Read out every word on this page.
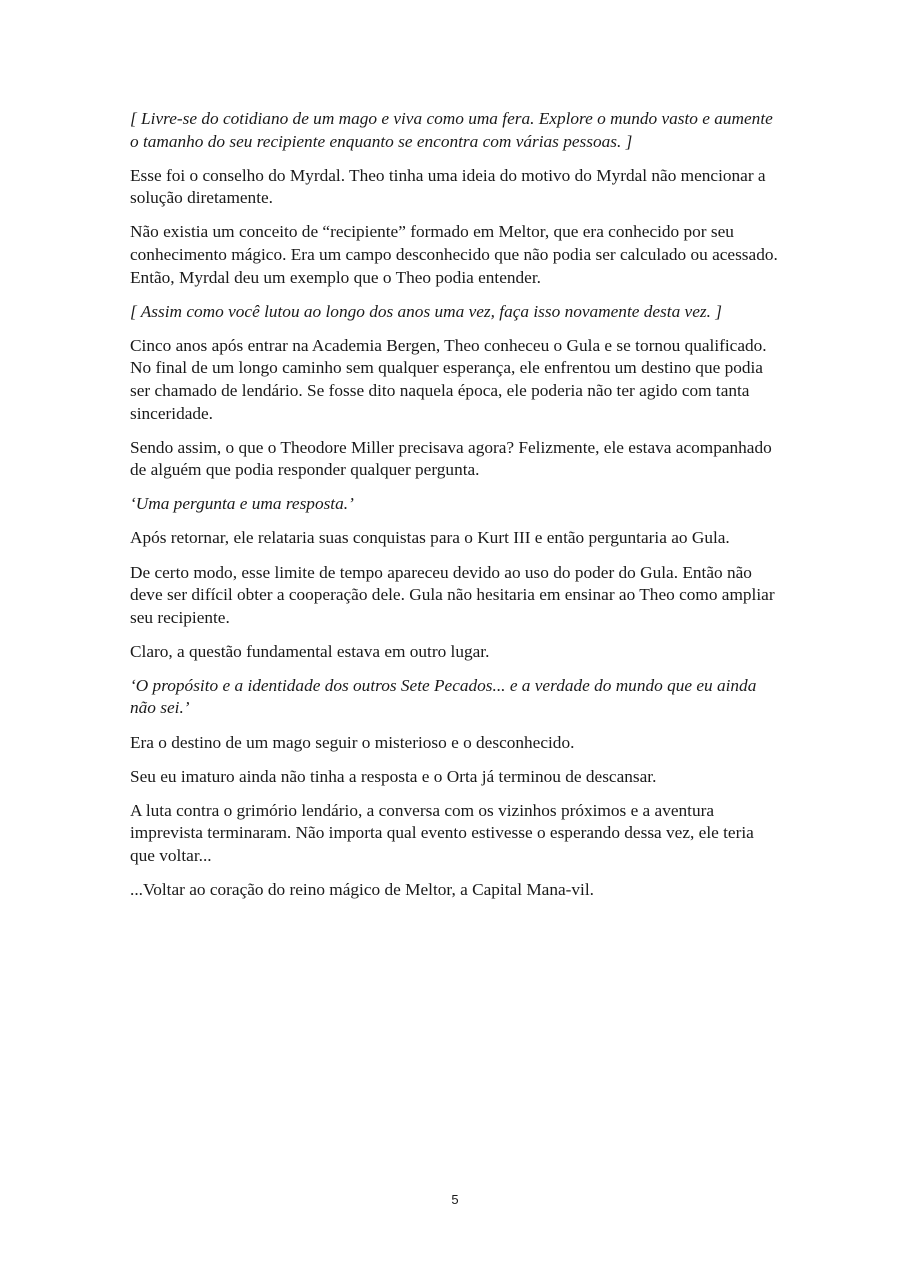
[ Livre-se do cotidiano de um mago e viva como uma fera. Explore o mundo vasto e aumente o tamanho do seu recipiente enquanto se encontra com várias pessoas. ]

Esse foi o conselho do Myrdal. Theo tinha uma ideia do motivo do Myrdal não mencionar a solução diretamente.

Não existia um conceito de “recipiente” formado em Meltor, que era conhecido por seu conhecimento mágico. Era um campo desconhecido que não podia ser calculado ou acessado. Então, Myrdal deu um exemplo que o Theo podia entender.

[ Assim como você lutou ao longo dos anos uma vez, faça isso novamente desta vez. ]

Cinco anos após entrar na Academia Bergen, Theo conheceu o Gula e se tornou qualificado. No final de um longo caminho sem qualquer esperança, ele enfrentou um destino que podia ser chamado de lendário. Se fosse dito naquela época, ele poderia não ter agido com tanta sinceridade.

Sendo assim, o que o Theodore Miller precisava agora? Felizmente, ele estava acompanhado de alguém que podia responder qualquer pergunta.

‘Uma pergunta e uma resposta.’

Após retornar, ele relataria suas conquistas para o Kurt III e então perguntaria ao Gula.

De certo modo, esse limite de tempo apareceu devido ao uso do poder do Gula. Então não deve ser difícil obter a cooperação dele. Gula não hesitaria em ensinar ao Theo como ampliar seu recipiente.

Claro, a questão fundamental estava em outro lugar.

‘O propósito e a identidade dos outros Sete Pecados... e a verdade do mundo que eu ainda não sei.’

Era o destino de um mago seguir o misterioso e o desconhecido.

Seu eu imaturo ainda não tinha a resposta e o Orta já terminou de descansar.

A luta contra o grimório lendário, a conversa com os vizinhos próximos e a aventura imprevista terminaram. Não importa qual evento estivesse o esperando dessa vez, ele teria que voltar...

...Voltar ao coração do reino mágico de Meltor, a Capital Mana-vil.

5
